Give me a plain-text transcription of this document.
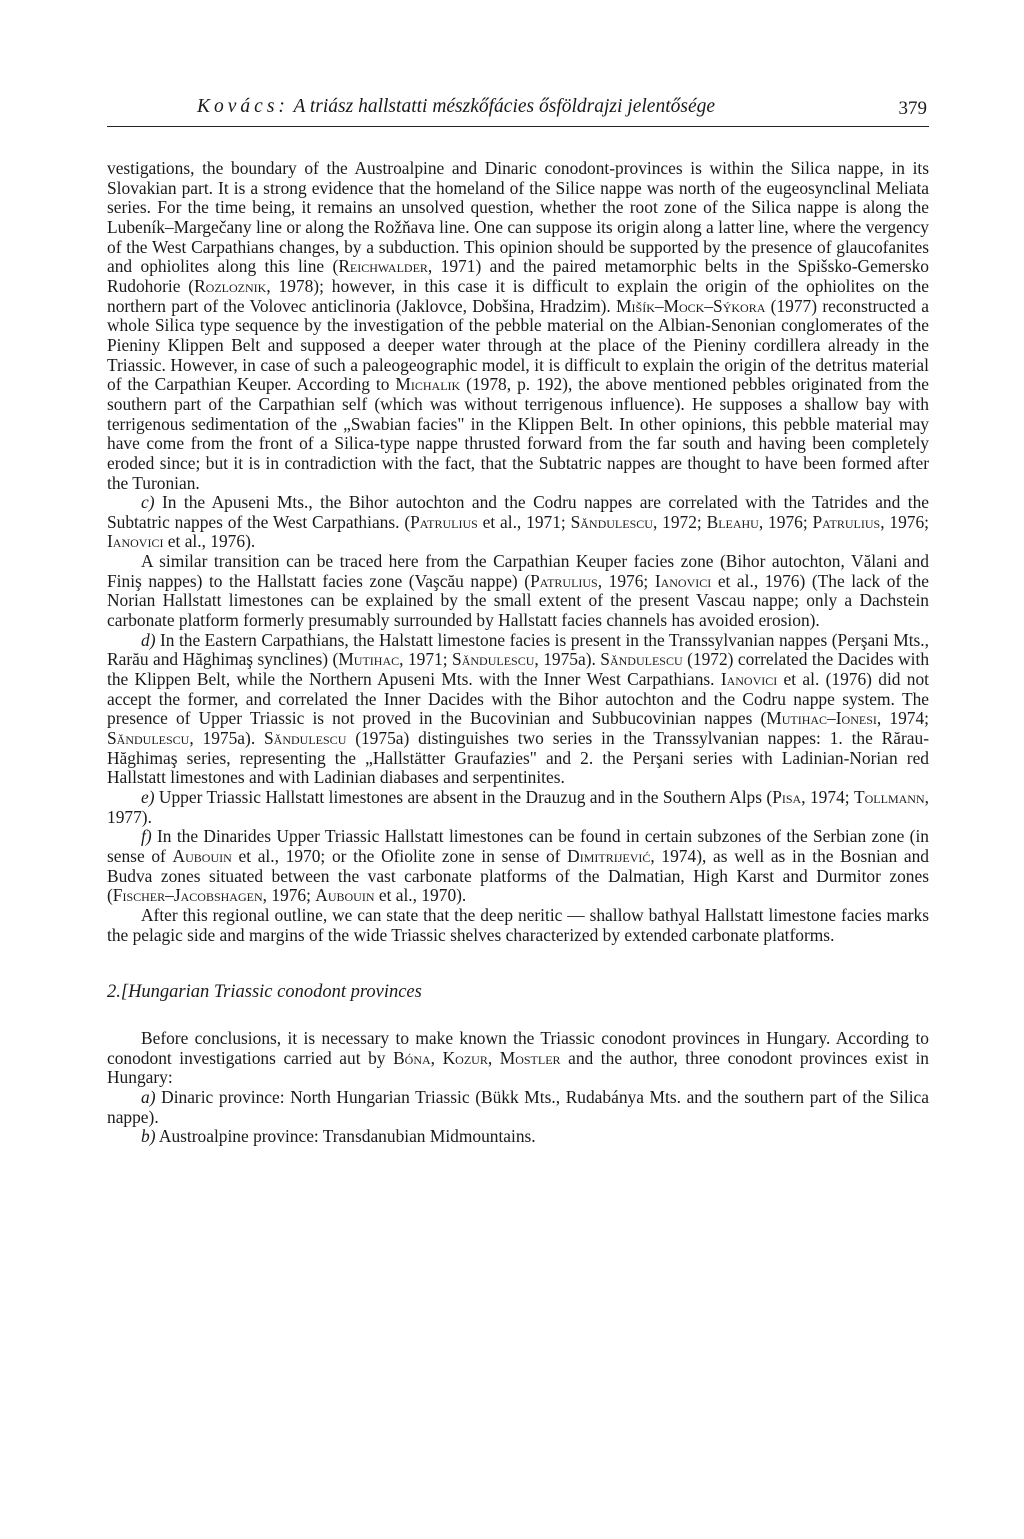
Kovács: A triász hallstatti mészkőfácies ősföldrajzi jelentősége	379

vestigations, the boundary of the Austroalpine and Dinaric conodont-provinces is within the Silica nappe, in its Slovakian part. It is a strong evidence that the homeland of the Silice nappe was north of the eugeosynclinal Meliata series. For the time being, it remains an unsolved question, whether the root zone of the Silica nappe is along the Lubeník–Margečany line or along the Rožňava line. One can suppose its origin along a latter line, where the vergency of the West Carpathians changes, by a subduction. This opinion should be supported by the presence of glaucofanites and ophiolites along this line (Reichwalder, 1971) and the paired metamorphic belts in the Spišsko-Gemersko Rudohorie (Rozloznik, 1978); however, in this case it is difficult to explain the origin of the ophiolites on the northern part of the Volovec anticlinoria (Jaklovce, Dobšina, Hradzim). Mišík–Mock–Sýkora (1977) reconstructed a whole Silica type sequence by the investigation of the pebble material on the Albian-Senonian conglomerates of the Pieniny Klippen Belt and supposed a deeper water through at the place of the Pieniny cordillera already in the Triassic. However, in case of such a paleogeographic model, it is difficult to explain the origin of the detritus material of the Carpathian Keuper. According to Michalik (1978, p. 192), the above mentioned pebbles originated from the southern part of the Carpathian self (which was without terrigenous influence). He supposes a shallow bay with terrigenous sedimentation of the „Swabian facies" in the Klippen Belt. In other opinions, this pebble material may have come from the front of a Silica-type nappe thrusted forward from the far south and having been completely eroded since; but it is in contradiction with the fact, that the Subtatric nappes are thought to have been formed after the Turonian.

c) In the Apuseni Mts., the Bihor autochton and the Codru nappes are correlated with the Tatrides and the Subtatric nappes of the West Carpathians. (Patrulius et al., 1971; Săndulescu, 1972; Bleahu, 1976; Patrulius, 1976; Ianovici et al., 1976).

A similar transition can be traced here from the Carpathian Keuper facies zone (Bihor autochton, Vălani and Finiş nappes) to the Hallstatt facies zone (Vaşcău nappe) (Patrulius, 1976; Ianovici et al., 1976) (The lack of the Norian Hallstatt limestones can be explained by the small extent of the present Vascau nappe; only a Dachstein carbonate platform formerly presumably surrounded by Hallstatt facies channels has avoided erosion).

d) In the Eastern Carpathians, the Halstatt limestone facies is present in the Transsylvanian nappes (Perşani Mts., Rarău and Hăghimaş synclines) (Mutihac, 1971; Săndulescu, 1975a). Săndulescu (1972) correlated the Dacides with the Klippen Belt, while the Northern Apuseni Mts. with the Inner West Carpathians. Ianovici et al. (1976) did not accept the former, and correlated the Inner Dacides with the Bihor autochton and the Codru nappe system. The presence of Upper Triassic is not proved in the Bucovinian and Subbucovinian nappes (Mutihac–Ionesi, 1974; Săndulescu, 1975a). Săndulescu (1975a) distinguishes two series in the Transsylvanian nappes: 1. the Rărau-Hăghimaş series, representing the „Hallstätter Graufazies" and 2. the Perşani series with Ladinian-Norian red Hallstatt limestones and with Ladinian diabases and serpentinites.

e) Upper Triassic Hallstatt limestones are absent in the Drauzug and in the Southern Alps (Pisa, 1974; Tollmann, 1977).

f) In the Dinarides Upper Triassic Hallstatt limestones can be found in certain subzones of the Serbian zone (in sense of Aubouin et al., 1970; or the Ofiolite zone in sense of Dimitrijević, 1974), as well as in the Bosnian and Budva zones situated between the vast carbonate platforms of the Dalmatian, High Karst and Durmitor zones (Fischer–Jacobshagen, 1976; Aubouin et al., 1970).

After this regional outline, we can state that the deep neritic — shallow bathyal Hallstatt limestone facies marks the pelagic side and margins of the wide Triassic shelves characterized by extended carbonate platforms.

2.[Hungarian Triassic conodont provinces

Before conclusions, it is necessary to make known the Triassic conodont provinces in Hungary. According to conodont investigations carried aut by Bóna, Kozur, Mostler and the author, three conodont provinces exist in Hungary:

a) Dinaric province: North Hungarian Triassic (Bükk Mts., Rudabánya Mts. and the southern part of the Silica nappe).

b) Austroalpine province: Transdanubian Midmountains.
